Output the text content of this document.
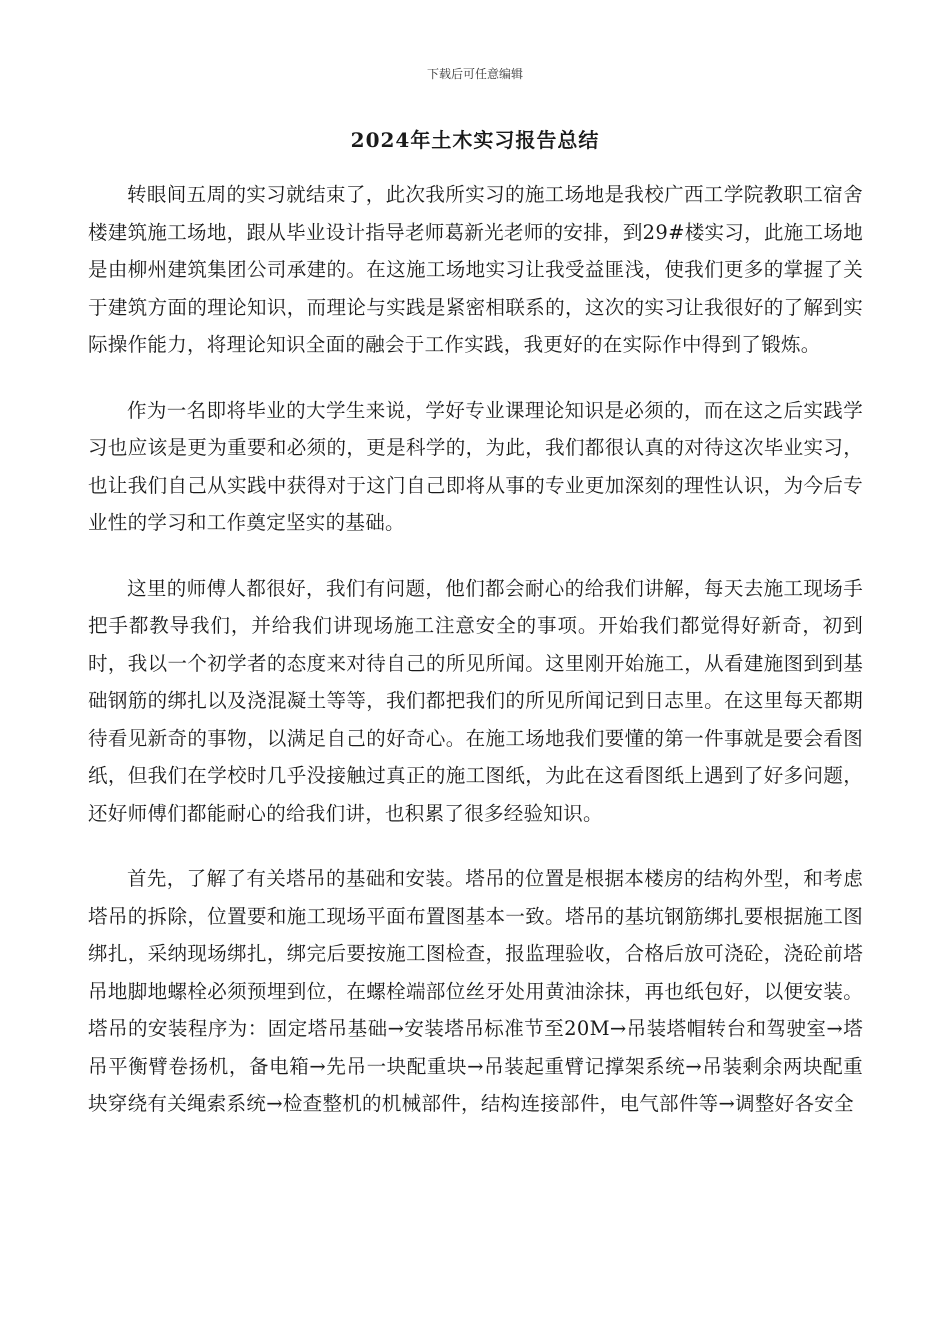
下载后可任意编辑
2024年土木实习报告总结

转眼间五周的实习就结束了，此次我所实习的施工场地是我校广西工学院教职工宿舍楼建筑施工场地，跟从毕业设计指导老师葛新光老师的安排，到29#楼实习，此施工场地是由柳州建筑集团公司承建的。在这施工场地实习让我受益匪浅，使我们更多的掌握了关于建筑方面的理论知识，而理论与实践是紧密相联系的，这次的实习让我很好的了解到实际操作能力，将理论知识全面的融会于工作实践，我更好的在实际作中得到了锻炼。

作为一名即将毕业的大学生来说，学好专业课理论知识是必须的，而在这之后实践学习也应该是更为重要和必须的，更是科学的，为此，我们都很认真的对待这次毕业实习，也让我们自己从实践中获得对于这门自己即将从事的专业更加深刻的理性认识，为今后专业性的学习和工作奠定坚实的基础。

这里的师傅人都很好，我们有问题，他们都会耐心的给我们讲解，每天去施工现场手把手都教导我们，并给我们讲现场施工注意安全的事项。开始我们都觉得好新奇，初到时，我以一个初学者的态度来对待自己的所见所闻。这里刚开始施工，从看建施图到到基础钢筋的绑扎以及浇混凝土等等，我们都把我们的所见所闻记到日志里。在这里每天都期待看见新奇的事物，以满足自己的好奇心。在施工场地我们要懂的第一件事就是要会看图纸，但我们在学校时几乎没接触过真正的施工图纸，为此在这看图纸上遇到了好多问题，还好师傅们都能耐心的给我们讲，也积累了很多经验知识。

首先，了解了有关塔吊的基础和安装。塔吊的位置是根据本楼房的结构外型，和考虑塔吊的拆除，位置要和施工现场平面布置图基本一致。塔吊的基坑钢筋绑扎要根据施工图绑扎，采纳现场绑扎，绑完后要按施工图检查，报监理验收，合格后放可浇砼，浇砼前塔吊地脚地螺栓必须预埋到位，在螺栓端部位丝牙处用黄油涂抹，再也纸包好，以便安装。塔吊的安装程序为：固定塔吊基础→安装塔吊标准节至20M→吊装塔帽转台和驾驶室→塔吊平衡臂卷扬机，备电箱→先吊一块配重块→吊装起重臂记撑架系统→吊装剩余两块配重块穿绕有关绳索系统→检查整机的机械部件，结构连接部件，电气部件等→调整好各安全
